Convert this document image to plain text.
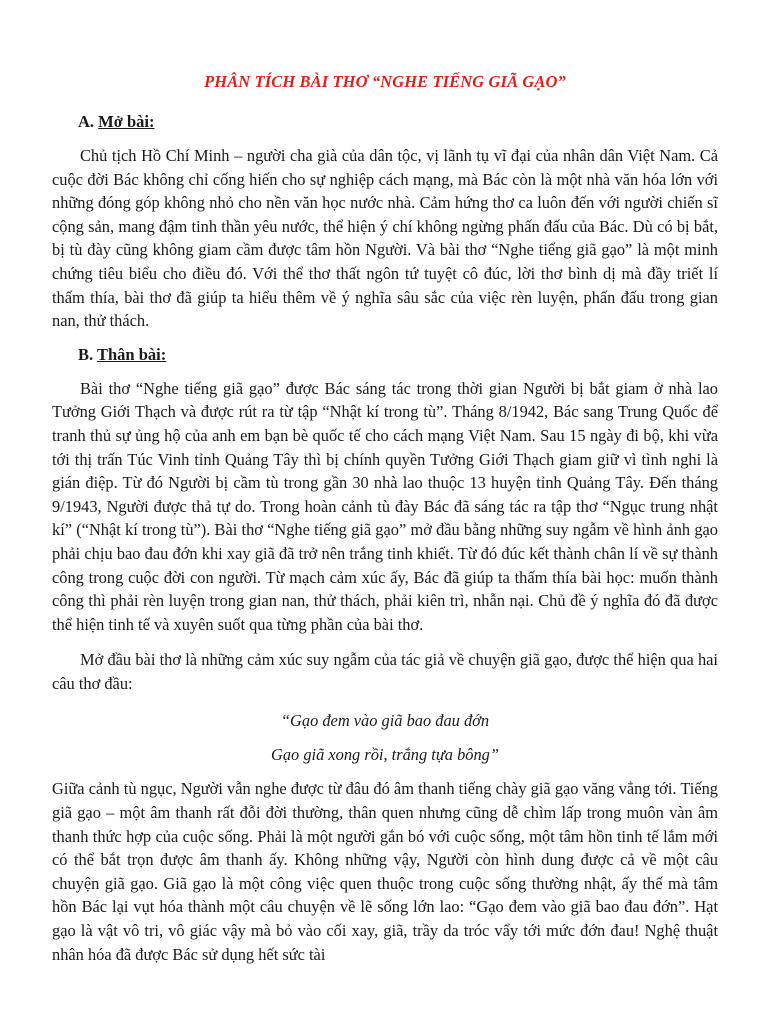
PHÂN TÍCH BÀI THƠ “NGHE TIẾNG GIÃ GẠO”
A. Mở bài:

Chủ tịch Hồ Chí Minh – người cha già của dân tộc, vị lãnh tụ vĩ đại của nhân dân Việt Nam. Cả cuộc đời Bác không chỉ cống hiến cho sự nghiệp cách mạng, mà Bác còn là một nhà văn hóa lớn với những đóng góp không nhỏ cho nền văn học nước nhà. Cảm hứng thơ ca luôn đến với người chiến sĩ cộng sản, mang đậm tinh thần yêu nước, thể hiện ý chí không ngừng phấn đấu của Bác. Dù có bị bắt, bị tù đày cũng không giam cầm được tâm hồn Người. Và bài thơ “Nghe tiếng giã gạo” là một minh chứng tiêu biểu cho điều đó. Với thể thơ thất ngôn tứ tuyệt cô đúc, lời thơ bình dị mà đầy triết lí thấm thía, bài thơ đã giúp ta hiểu thêm về ý nghĩa sâu sắc của việc rèn luyện, phấn đấu trong gian nan, thử thách.

B. Thân bài:

Bài thơ “Nghe tiếng giã gạo” được Bác sáng tác trong thời gian Người bị bắt giam ở nhà lao Tưởng Giới Thạch và được rút ra từ tập “Nhật kí trong tù”. Tháng 8/1942, Bác sang Trung Quốc để tranh thủ sự ủng hộ của anh em bạn bè quốc tế cho cách mạng Việt Nam. Sau 15 ngày đi bộ, khi vừa tới thị trấn Túc Vinh tỉnh Quảng Tây thì bị chính quyền Tưởng Giới Thạch giam giữ vì tình nghi là gián điệp. Từ đó Người bị cầm tù trong gần 30 nhà lao thuộc 13 huyện tỉnh Quảng Tây. Đến tháng 9/1943, Người được thả tự do. Trong hoàn cảnh tù đày Bác đã sáng tác ra tập thơ “Ngục trung nhật kí” (“Nhật kí trong tù”). Bài thơ “Nghe tiếng giã gạo” mở đầu bằng những suy ngẫm về hình ảnh gạo phải chịu bao đau đớn khi xay giã đã trở nên trắng tinh khiết. Từ đó đúc kết thành chân lí về sự thành công trong cuộc đời con người. Từ mạch cảm xúc ấy, Bác đã giúp ta thấm thía bài học: muốn thành công thì phải rèn luyện trong gian nan, thử thách, phải kiên trì, nhẫn nại. Chủ đề ý nghĩa đó đã được thể hiện tinh tế và xuyên suốt qua từng phần của bài thơ.

Mở đầu bài thơ là những cảm xúc suy ngẫm của tác giả về chuyện giã gạo, được thể hiện qua hai câu thơ đầu:

“Gạo đem vào giã bao đau đớn
Gạo giã xong rồi, trắng tựa bông”

Giữa cảnh tù ngục, Người vẫn nghe được từ đâu đó âm thanh tiếng chày giã gạo văng vẳng tới. Tiếng giã gạo – một âm thanh rất đỗi đời thường, thân quen nhưng cũng dễ chìm lấp trong muôn vàn âm thanh thức hợp của cuộc sống. Phải là một người gắn bó với cuộc sống, một tâm hồn tinh tế lắm mới có thể bắt trọn được âm thanh ấy. Không những vậy, Người còn hình dung được cả về một câu chuyện giã gạo. Giã gạo là một công việc quen thuộc trong cuộc sống thường nhật, ấy thế mà tâm hồn Bác lại vụt hóa thành một câu chuyện về lẽ sống lớn lao: “Gạo đem vào giã bao đau đớn”. Hạt gạo là vật vô tri, vô giác vậy mà bỏ vào cối xay, giã, trầy da tróc vẩy tới mức đớn đau! Nghệ thuật nhân hóa đã được Bác sử dụng hết sức tài
